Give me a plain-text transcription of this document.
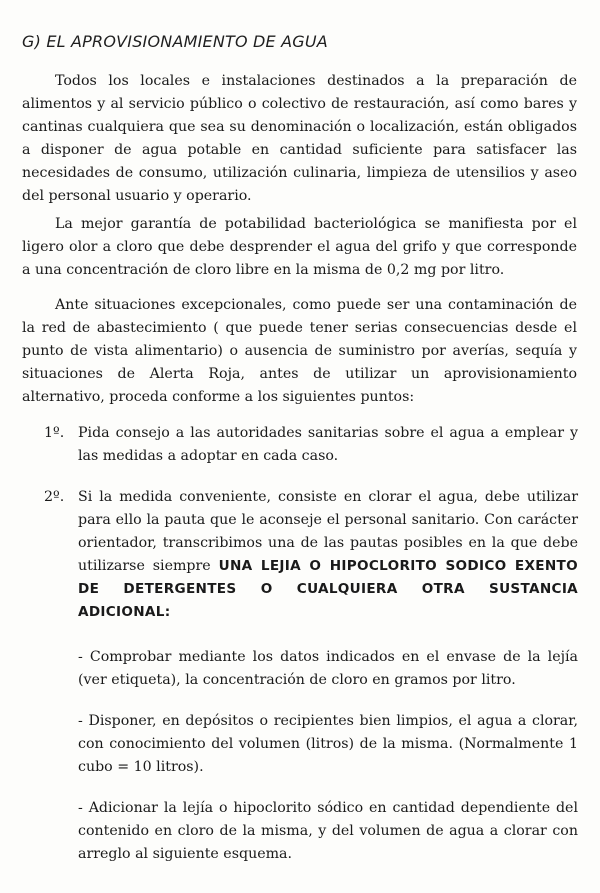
G) EL APROVISIONAMIENTO DE AGUA

Todos los locales e instalaciones destinados a la preparación de alimentos y al servicio público o colectivo de restauración, así como bares y cantinas cualquiera que sea su denominación o localización, están obligados a disponer de agua potable en cantidad suficiente para satisfacer las necesidades de consumo, utilización culinaria, limpieza de utensilios y aseo del personal usuario y operario.

La mejor garantía de potabilidad bacteriológica se manifiesta por el ligero olor a cloro que debe desprender el agua del grifo y que corresponde a una concentración de cloro libre en la misma de 0,2 mg por litro.

Ante situaciones excepcionales, como puede ser una contaminación de la red de abastecimiento ( que puede tener serias consecuencias desde el punto de vista alimentario) o ausencia de suministro por averías, sequía y situaciones de Alerta Roja, antes de utilizar un aprovisionamiento alternativo, proceda conforme a los siguientes puntos:

1º. Pida consejo a las autoridades sanitarias sobre el agua a emplear y las medidas a adoptar en cada caso.
2º. Si la medida conveniente, consiste en clorar el agua, debe utilizar para ello la pauta que le aconseje el personal sanitario. Con carácter orientador, transcribimos una de las pautas posibles en la que debe utilizarse siempre UNA LEJIA O HIPOCLORITO SODICO EXENTO DE DETERGENTES O CUALQUIERA OTRA SUSTANCIA ADICIONAL:

- Comprobar mediante los datos indicados en el envase de la lejía (ver etiqueta), la concentración de cloro en gramos por litro.

- Disponer, en depósitos o recipientes bien limpios, el agua a clorar, con conocimiento del volumen (litros) de la misma. (Normalmente 1 cubo = 10 litros).

- Adicionar la lejía o hipoclorito sódico en cantidad dependiente del contenido en cloro de la misma, y del volumen de agua a clorar con arreglo al siguiente esquema.
